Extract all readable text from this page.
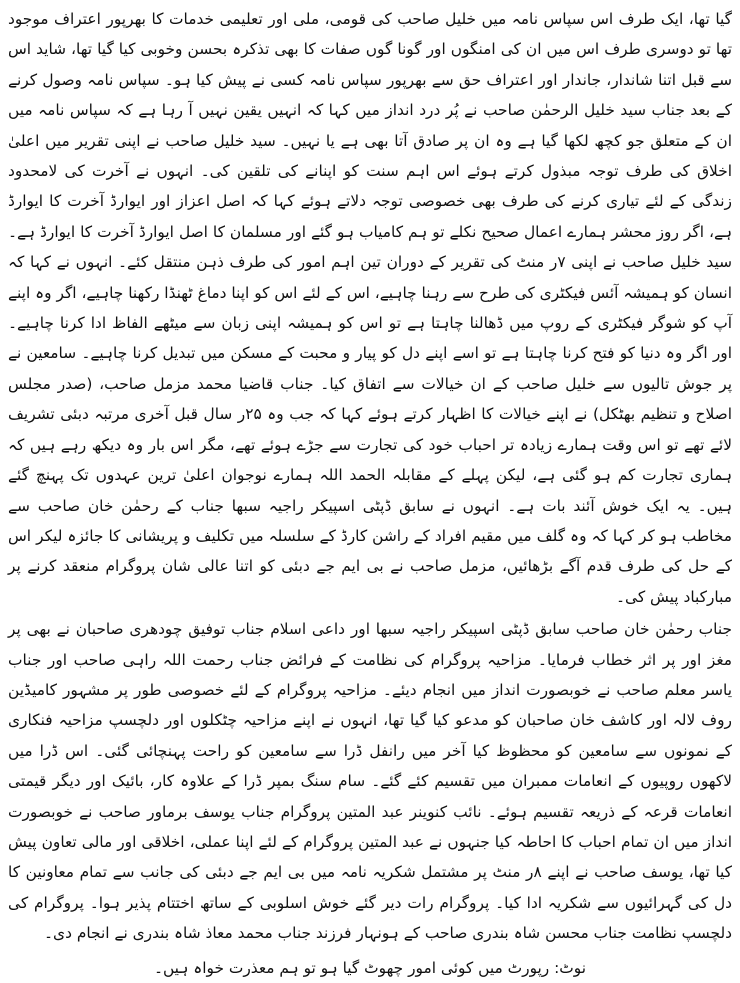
گیا تھا، ایک طرف اس سپاس نامہ میں خلیل صاحب کی قومی، ملی اور تعلیمی خدمات کا بھرپور اعتراف موجود تھا تو دوسری طرف اس میں ان کی امنگوں اور گونا گوں صفات کا بھی تذکرہ بحسن وخوبی کیا گیا تھا، شاید اس سے قبل اتنا شاندار، جاندار اور اعتراف حق سے بھرپور سپاس نامہ کسی نے پیش کیا ہو۔ سپاس نامہ وصول کرنے کے بعد جناب سید خلیل الرحمٰن صاحب نے پُر درد انداز میں کہا کہ انہیں یقین نہیں آ رہا ہے کہ سپاس نامہ میں ان کے متعلق جو کچھ لکھا گیا ہے وہ ان پر صادق آتا بھی ہے یا نہیں۔ سید خلیل صاحب نے اپنی تقریر میں اعلیٰ اخلاق کی طرف توجہ مبذول کرتے ہوئے اس اہم سنت کو اپنانے کی تلقین کی۔ انہوں نے آخرت کی لامحدود زندگی کے لئے تیاری کرنے کی طرف بھی خصوصی توجہ دلاتے ہوئے کہا کہ اصل اعزاز اور ایوارڈ آخرت کا ایوارڈ ہے، اگر روز محشر ہمارے اعمال صحیح نکلے تو ہم کامیاب ہو گئے اور مسلمان کا اصل ایوارڈ آخرت کا ایوارڈ ہے۔ سید خلیل صاحب نے اپنی ۷ر منٹ کی تقریر کے دوران تین اہم امور کی طرف ذہن منتقل کئے۔ انہوں نے کہا کہ انسان کو ہمیشہ آئس فیکٹری کی طرح سے رہنا چاہیے، اس کے لئے اس کو اپنا دماغ ٹھنڈا رکھنا چاہیے، اگر وہ اپنے آپ کو شوگر فیکٹری کے روپ میں ڈھالنا چاہتا ہے تو اس کو ہمیشہ اپنی زبان سے میٹھے الفاظ ادا کرنا چاہیے۔ اور اگر وہ دنیا کو فتح کرنا چاہتا ہے تو اسے اپنے دل کو پیار و محبت کے مسکن میں تبدیل کرنا چاہیے۔ سامعین نے پر جوش تالیوں سے خلیل صاحب کے ان خیالات سے اتفاق کیا۔ جناب قاضیا محمد مزمل صاحب، (صدر مجلس اصلاح و تنظیم بھٹکل) نے اپنے خیالات کا اظہار کرتے ہوئے کہا کہ جب وہ ۲۵ر سال قبل آخری مرتبہ دبئی تشریف لائے تھے تو اس وقت ہمارے زیادہ تر احباب خود کی تجارت سے جڑے ہوئے تھے، مگر اس بار وہ دیکھ رہے ہیں کہ ہماری تجارت کم ہو گئی ہے، لیکن پہلے کے مقابلہ الحمد اللہ ہمارے نوجوان اعلیٰ ترین عہدوں تک پہنچ گئے ہیں۔ یہ ایک خوش آئند بات ہے۔ انہوں نے سابق ڈپٹی اسپیکر راجیہ سبھا جناب کے رحمٰن خان صاحب سے مخاطب ہو کر کہا کہ وہ گلف میں مقیم افراد کے راشن کارڈ کے سلسلہ میں تکلیف و پریشانی کا جائزہ لیکر اس کے حل کی طرف قدم آگے بڑھائیں، مزمل صاحب نے بی ایم جے دبئی کو اتنا عالی شان پروگرام منعقد کرنے پر مبارکباد پیش کی۔

جناب رحمٰن خان صاحب سابق ڈپٹی اسپیکر راجیہ سبھا اور داعی اسلام جناب توفیق چودھری صاحبان نے بھی پر مغز اور پر اثر خطاب فرمایا۔ مزاحیہ پروگرام کی نظامت کے فرائض جناب رحمت اللہ راہی صاحب اور جناب یاسر معلم صاحب نے خوبصورت انداز میں انجام دیئے۔ مزاحیہ پروگرام کے لئے خصوصی طور پر مشہور کامیڈین روف لالہ اور کاشف خان صاحبان کو مدعو کیا گیا تھا، انہوں نے اپنے مزاحیہ چٹکلوں اور دلچسپ مزاحیہ فنکاری کے نمونوں سے سامعین کو محظوظ کیا آخر میں رانفل ڈرا سے سامعین کو راحت پہنچائی گئی۔ اس ڈرا میں لاکھوں روپیوں کے انعامات ممبران میں تقسیم کئے گئے۔ سام سنگ بمپر ڈرا کے علاوہ کار، بائیک اور دیگر قیمتی انعامات قرعہ کے ذریعہ تقسیم ہوئے۔ نائب کنوینر عبد المتین پروگرام جناب یوسف برماور صاحب نے خوبصورت انداز میں ان تمام احباب کا احاطہ کیا جنہوں نے عبد المتین پروگرام کے لئے اپنا عملی، اخلاقی اور مالی تعاون پیش کیا تھا، یوسف صاحب نے اپنے ۸ر منٹ پر مشتمل شکریہ نامہ میں بی ایم جے دبئی کی جانب سے تمام معاونین کا دل کی گہرائیوں سے شکریہ ادا کیا۔ پروگرام رات دیر گئے خوش اسلوبی کے ساتھ اختتام پذیر ہوا۔ پروگرام کی دلچسپ نظامت جناب محسن شاہ بندری صاحب کے ہونہار فرزند جناب محمد معاذ شاہ بندری نے انجام دی۔

نوٹ: رپورٹ میں کوئی امور چھوٹ گیا ہو تو ہم معذرت خواہ ہیں۔
